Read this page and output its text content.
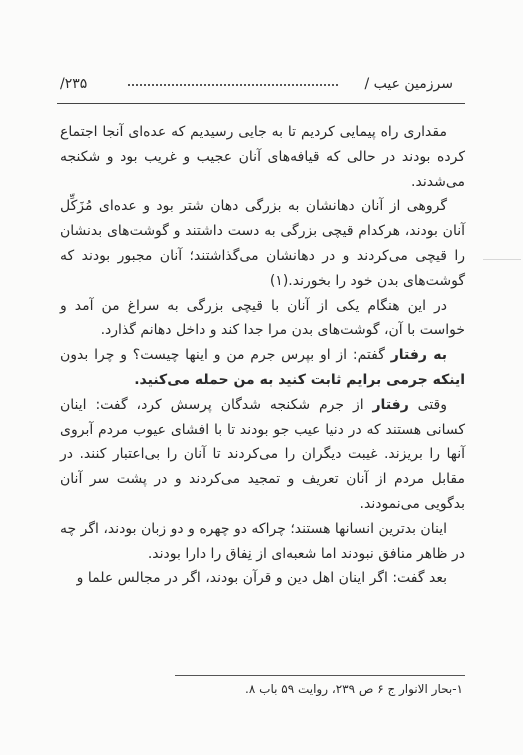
سرزمین عیب /
۲۳۵/

مقداری راه پیمایی کردیم تا به جایی رسیدیم که عده‌ای آنجا اجتماع کرده بودند در حالی که قیافه‌های آنان عجیب و غریب بود و شکنجه می‌شدند.

گروهی از آنان دهانشان به بزرگی دهان شتر بود و عده‌ای مُزَکِّل آنان بودند، هرکدام قیچی بزرگی به دست داشتند و گوشت‌های بدنشان را قیچی می‌کردند و در دهانشان می‌گذاشتند؛ آنان مجبور بودند که گوشت‌های بدن خود را بخورند.(۱)

در این هنگام یکی از آنان با قیچی بزرگی به سراغ من آمد و خواست با آن، گوشت‌های بدن مرا جدا کند و داخل دهانم گذارد.

به رفتار گفتم: از او بپرس جرم من و اینها چیست؟ و چرا بدون اینکه جرمی برایم ثابت کنید به من حمله می‌کنید.

وقتی رفتار از جرم شکنجه شدگان پرسش کرد، گفت: اینان کسانی هستند که در دنیا عیب جو بودند تا با افشای عیوب مردم آبروی آنها را بریزند. غیبت دیگران را می‌کردند تا آنان را بی‌اعتبار کنند. در مقابل مردم از آنان تعریف و تمجید می‌کردند و در پشت سر آنان بدگویی می‌نمودند.

اینان بدترین انسانها هستند؛ چراکه دو چهره و دو زبان بودند، اگر چه در ظاهر منافق نبودند اما شعبه‌ای از نِفاق را دارا بودند.

بعد گفت: اگر اینان اهل دین و قرآن بودند، اگر در مجالس علما و

۱-بحار الانوار ج ۶ ص ۲۳۹، روایت ۵۹ باب ۸.
